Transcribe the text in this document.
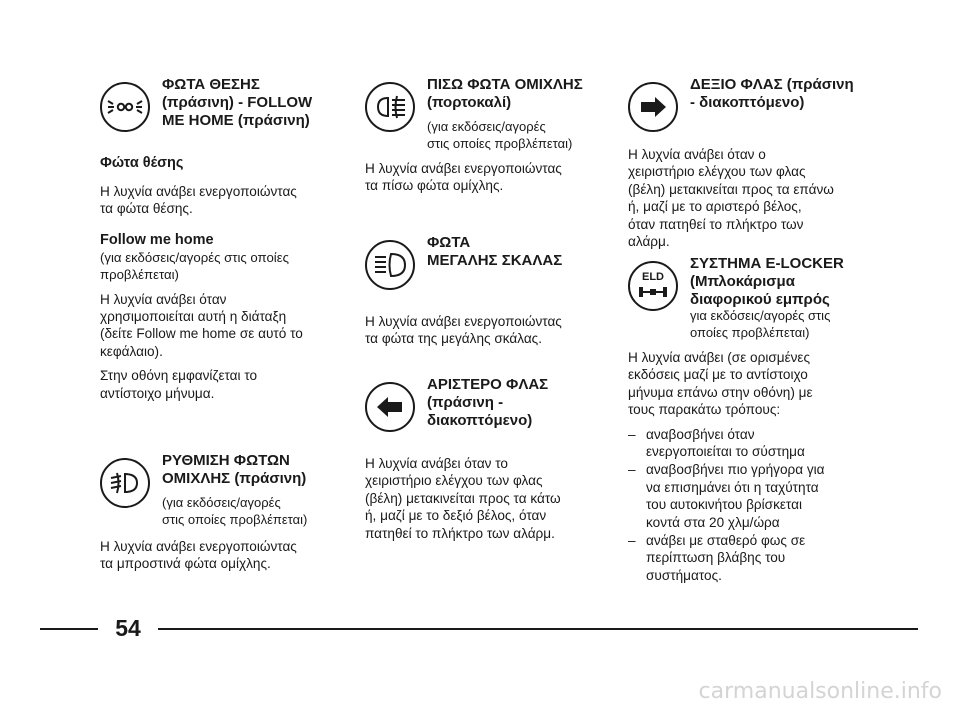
ΦΩΤΑ ΘΕΣΗΣ
(πράσινη) - FOLLOW
ME HOME (πράσινη)

Φώτα θέσης

Η λυχνία ανάβει ενεργοποιώντας
τα φώτα θέσης.

Follow me home

(για εκδόσεις/αγορές στις οποίες
προβλέπεται)

Η λυχνία ανάβει όταν
χρησιμοποιείται αυτή η διάταξη
(δείτε Follow me home σε αυτό το
κεφάλαιο).

Στην οθόνη εμφανίζεται το
αντίστοιχο μήνυμα.

ΡΥΘΜΙΣΗ ΦΩΤΩΝ
ΟΜΙΧΛΗΣ (πράσινη)
(για εκδόσεις/αγορές
στις οποίες προβλέπεται)

Η λυχνία ανάβει ενεργοποιώντας
τα μπροστινά φώτα ομίχλης.

ΠΙΣΩ ΦΩΤΑ ΟΜΙΧΛΗΣ
(πορτοκαλί)
(για εκδόσεις/αγορές
στις οποίες προβλέπεται)

Η λυχνία ανάβει ενεργοποιώντας
τα πίσω φώτα ομίχλης.

ΦΩΤΑ
ΜΕΓΑΛΗΣ ΣΚΑΛΑΣ

Η λυχνία ανάβει ενεργοποιώντας
τα φώτα της μεγάλης σκάλας.

ΑΡΙΣΤΕΡΟ ΦΛΑΣ
(πράσινη -
διακοπτόμενο)

Η λυχνία ανάβει όταν το
χειριστήριο ελέγχου των φλας
(βέλη) μετακινείται προς τα κάτω
ή, μαζί με το δεξιό βέλος, όταν
πατηθεί το πλήκτρο των αλάρμ.

ΔΕΞΙΟ ΦΛΑΣ (πράσινη
- διακοπτόμενο)

Η λυχνία ανάβει όταν ο
χειριστήριο ελέγχου των φλας
(βέλη) μετακινείται προς τα επάνω
ή, μαζί με το αριστερό βέλος,
όταν πατηθεί το πλήκτρο των
αλάρμ.

ELD
ΣΥΣΤΗΜΑ E-LOCKER
(Μπλοκάρισμα
διαφορικού εμπρός
για εκδόσεις/αγορές στις
οποίες προβλέπεται)

Η λυχνία ανάβει (σε ορισμένες
εκδόσεις μαζί με το αντίστοιχο
μήνυμα επάνω στην οθόνη) με
τους παρακάτω τρόπους:

– αναβοσβήνει όταν
ενεργοποιείται το σύστημα
– αναβοσβήνει πιο γρήγορα για
να επισημάνει ότι η ταχύτητα
του αυτοκινήτου βρίσκεται
κοντά στα 20 χλμ/ώρα
– ανάβει με σταθερό φως σε
περίπτωση βλάβης του
συστήματος.
54
carmanualsonline.info
